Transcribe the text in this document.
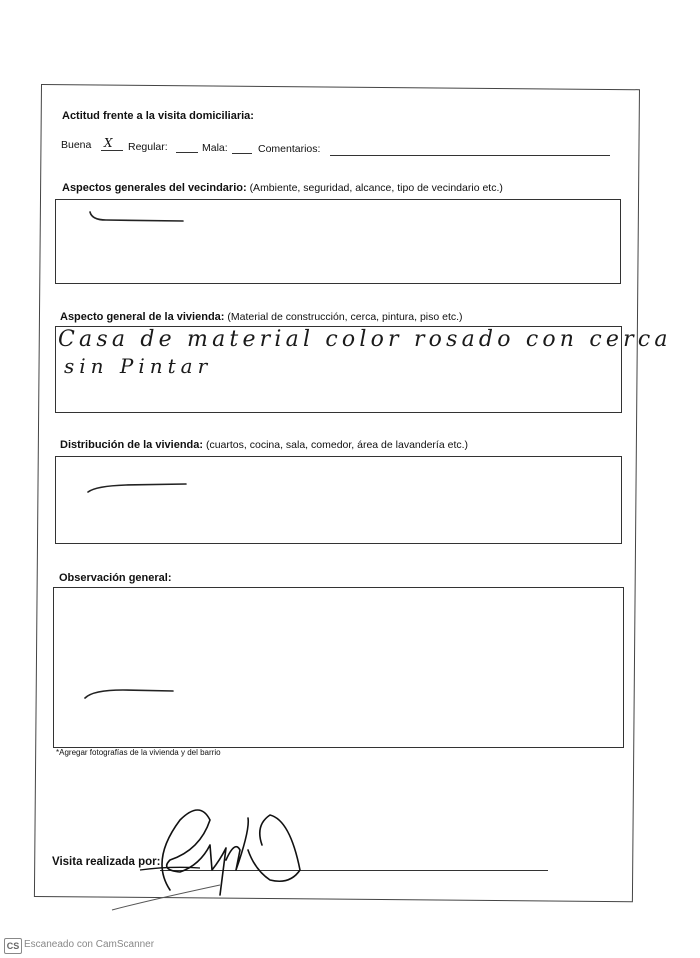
Actitud frente a la visita domiciliaria:
Buena X Regular:	Mala:	Comentarios:
Aspectos generales del vecindario: (Ambiente, seguridad, alcance, tipo de vecindario etc.)
Aspecto general de la vivienda: (Material de construcción, cerca, pintura, piso etc.)
Casa de material color rosado con cerca
sin Pintar
Distribución de la vivienda: (cuartos, cocina, sala, comedor, área de lavandería etc.)
Observación general:
*Agregar fotografías de la vivienda y del barrio
Visita realizada por:
CS Escaneado con CamScanner
